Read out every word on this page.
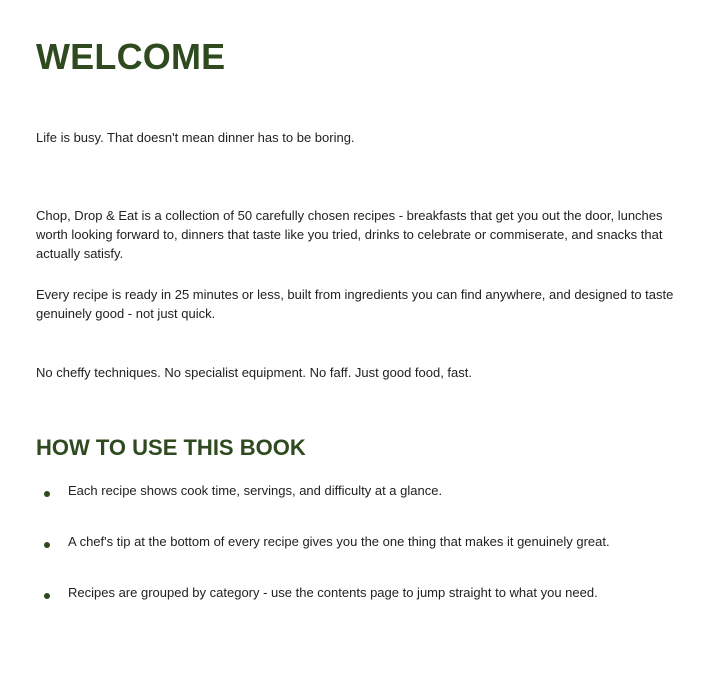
WELCOME

Life is busy. That doesn't mean dinner has to be boring.

Chop, Drop & Eat is a collection of 50 carefully chosen recipes - breakfasts that get you out the door, lunches worth looking forward to, dinners that taste like you tried, drinks to celebrate or commiserate, and snacks that actually satisfy.

Every recipe is ready in 25 minutes or less, built from ingredients you can find anywhere, and designed to taste genuinely good - not just quick.

No cheffy techniques. No specialist equipment. No faff. Just good food, fast.

HOW TO USE THIS BOOK
Each recipe shows cook time, servings, and difficulty at a glance.
A chef's tip at the bottom of every recipe gives you the one thing that makes it genuinely great.
Recipes are grouped by category - use the contents page to jump straight to what you need.
